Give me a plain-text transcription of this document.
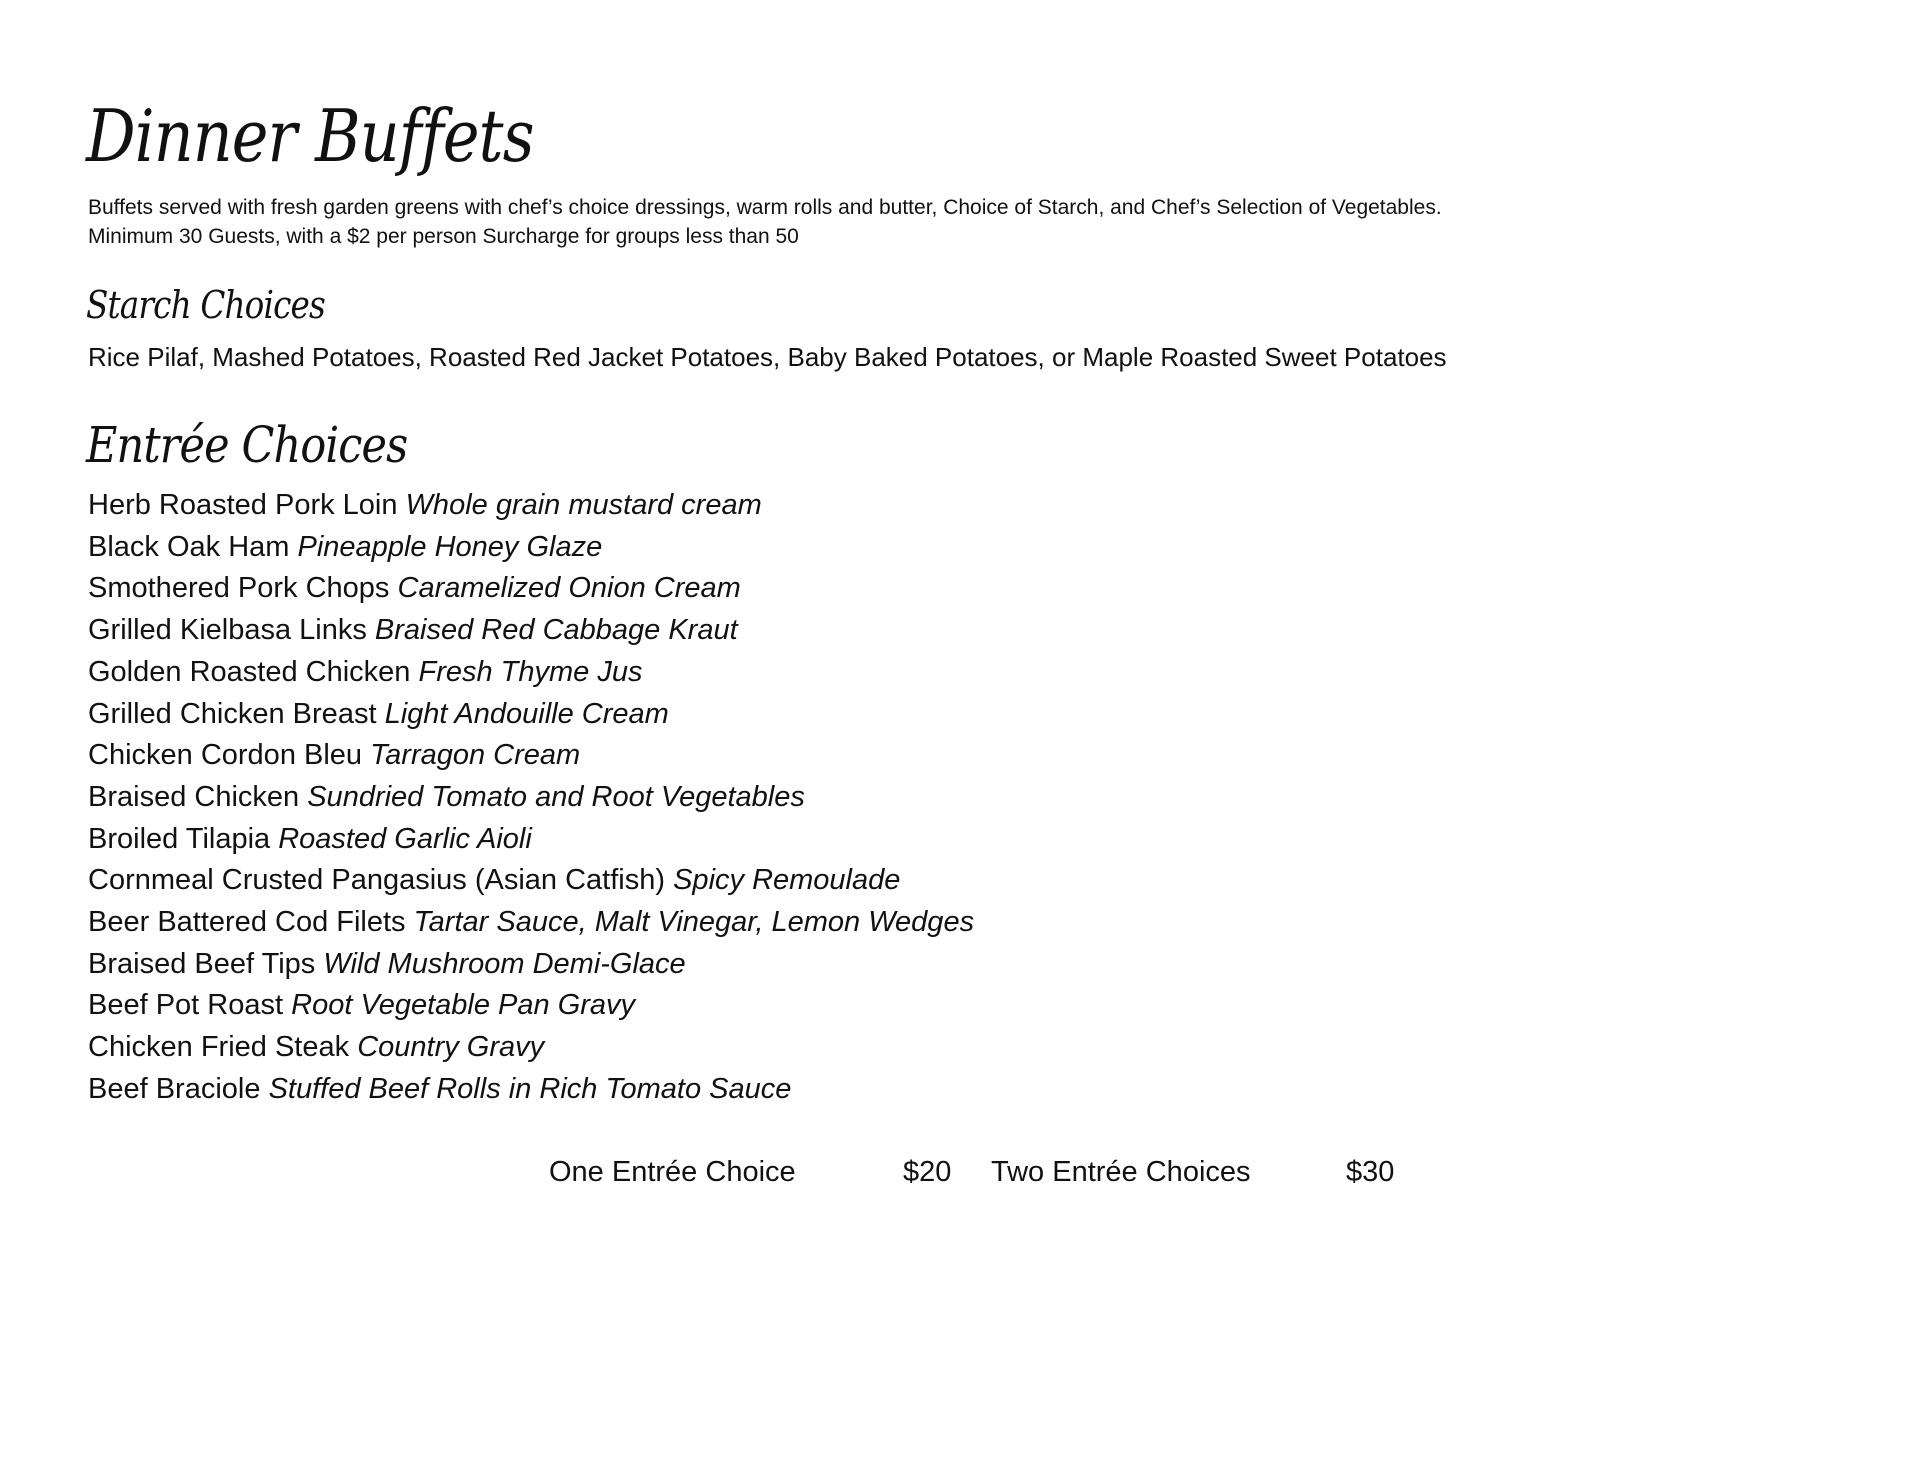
Dinner Buffets
Buffets served with fresh garden greens with chef’s choice dressings, warm rolls and butter, Choice of Starch, and Chef’s Selection of Vegetables.
Minimum 30 Guests, with a $2 per person Surcharge for groups less than 50
Starch Choices

Rice Pilaf, Mashed Potatoes, Roasted Red Jacket Potatoes, Baby Baked Potatoes, or Maple Roasted Sweet Potatoes

Entrée Choices
Herb Roasted Pork Loin Whole grain mustard cream
Black Oak Ham Pineapple Honey Glaze
Smothered Pork Chops Caramelized Onion Cream
Grilled Kielbasa Links Braised Red Cabbage Kraut
Golden Roasted Chicken Fresh Thyme Jus
Grilled Chicken Breast Light Andouille Cream
Chicken Cordon Bleu Tarragon Cream
Braised Chicken Sundried Tomato and Root Vegetables
Broiled Tilapia Roasted Garlic Aioli
Cornmeal Crusted Pangasius (Asian Catfish) Spicy Remoulade
Beer Battered Cod Filets Tartar Sauce, Malt Vinegar, Lemon Wedges
Braised Beef Tips Wild Mushroom Demi-Glace
Beef Pot Roast Root Vegetable Pan Gravy
Chicken Fried Steak Country Gravy
Beef Braciole Stuffed Beef Rolls in Rich Tomato Sauce
One Entrée Choice	$20 Two Entrée Choices	$30
